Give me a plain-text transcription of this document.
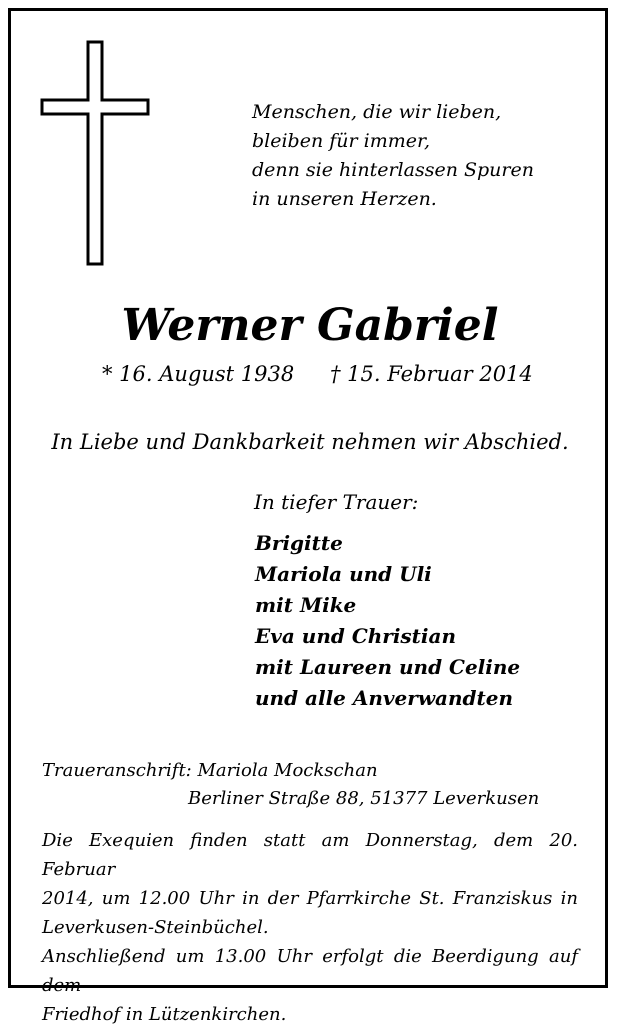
Menschen, die wir lieben,
bleiben für immer,
denn sie hinterlassen Spuren
in unseren Herzen.
Werner Gabriel
* 16. August 1938 † 15. Februar 2014
In Liebe und Dankbarkeit nehmen wir Abschied.
In tiefer Trauer:
Brigitte
Mariola und Uli
mit Mike
Eva und Christian
mit Laureen und Celine
und alle Anverwandten
Traueranschrift: Mariola Mockschan
Berliner Straße 88, 51377 Leverkusen
Die Exequien finden statt am Donnerstag, dem 20. Februar
2014, um 12.00 Uhr in der Pfarrkirche St. Franziskus in
Leverkusen-Steinbüchel.
Anschließend um 13.00 Uhr erfolgt die Beerdigung auf dem
Friedhof in Lützenkirchen.
